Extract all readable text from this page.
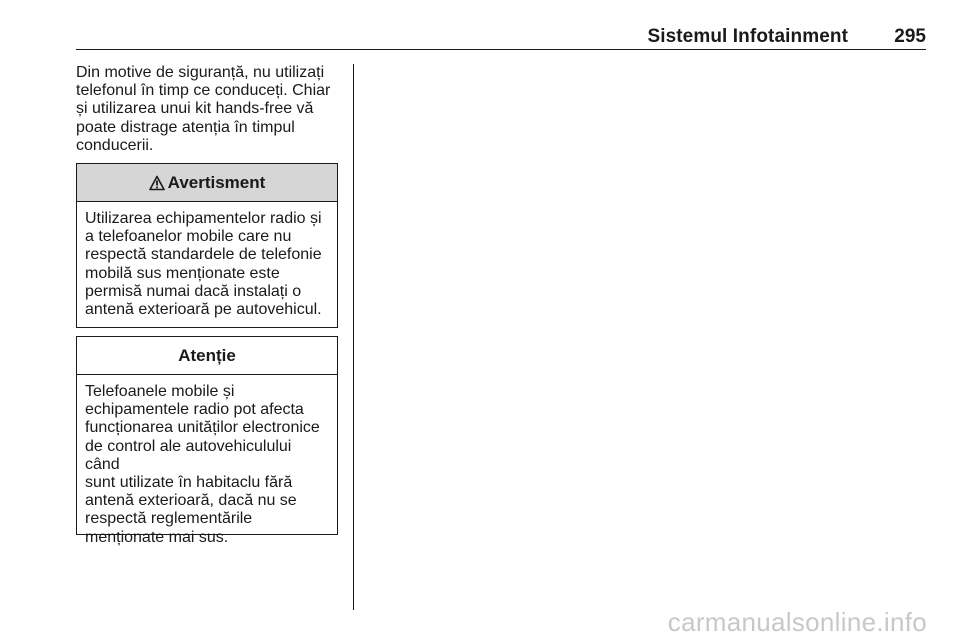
Sistemul Infotainment 295
Din motive de siguranță, nu utilizați
telefonul în timp ce conduceți. Chiar
și utilizarea unui kit hands-free vă
poate distrage atenția în timpul
conducerii.
Avertisment
Utilizarea echipamentelor radio și
a telefoanelor mobile care nu
respectă standardele de telefonie
mobilă sus menționate este
permisă numai dacă instalați o
antenă exterioară pe autovehicul.
Atenție
Telefoanele mobile și
echipamentele radio pot afecta
funcționarea unităților electronice
de control ale autovehiculului când
sunt utilizate în habitaclu fără
antenă exterioară, dacă nu se
respectă reglementările
menționate mai sus.
carmanualsonline.info
